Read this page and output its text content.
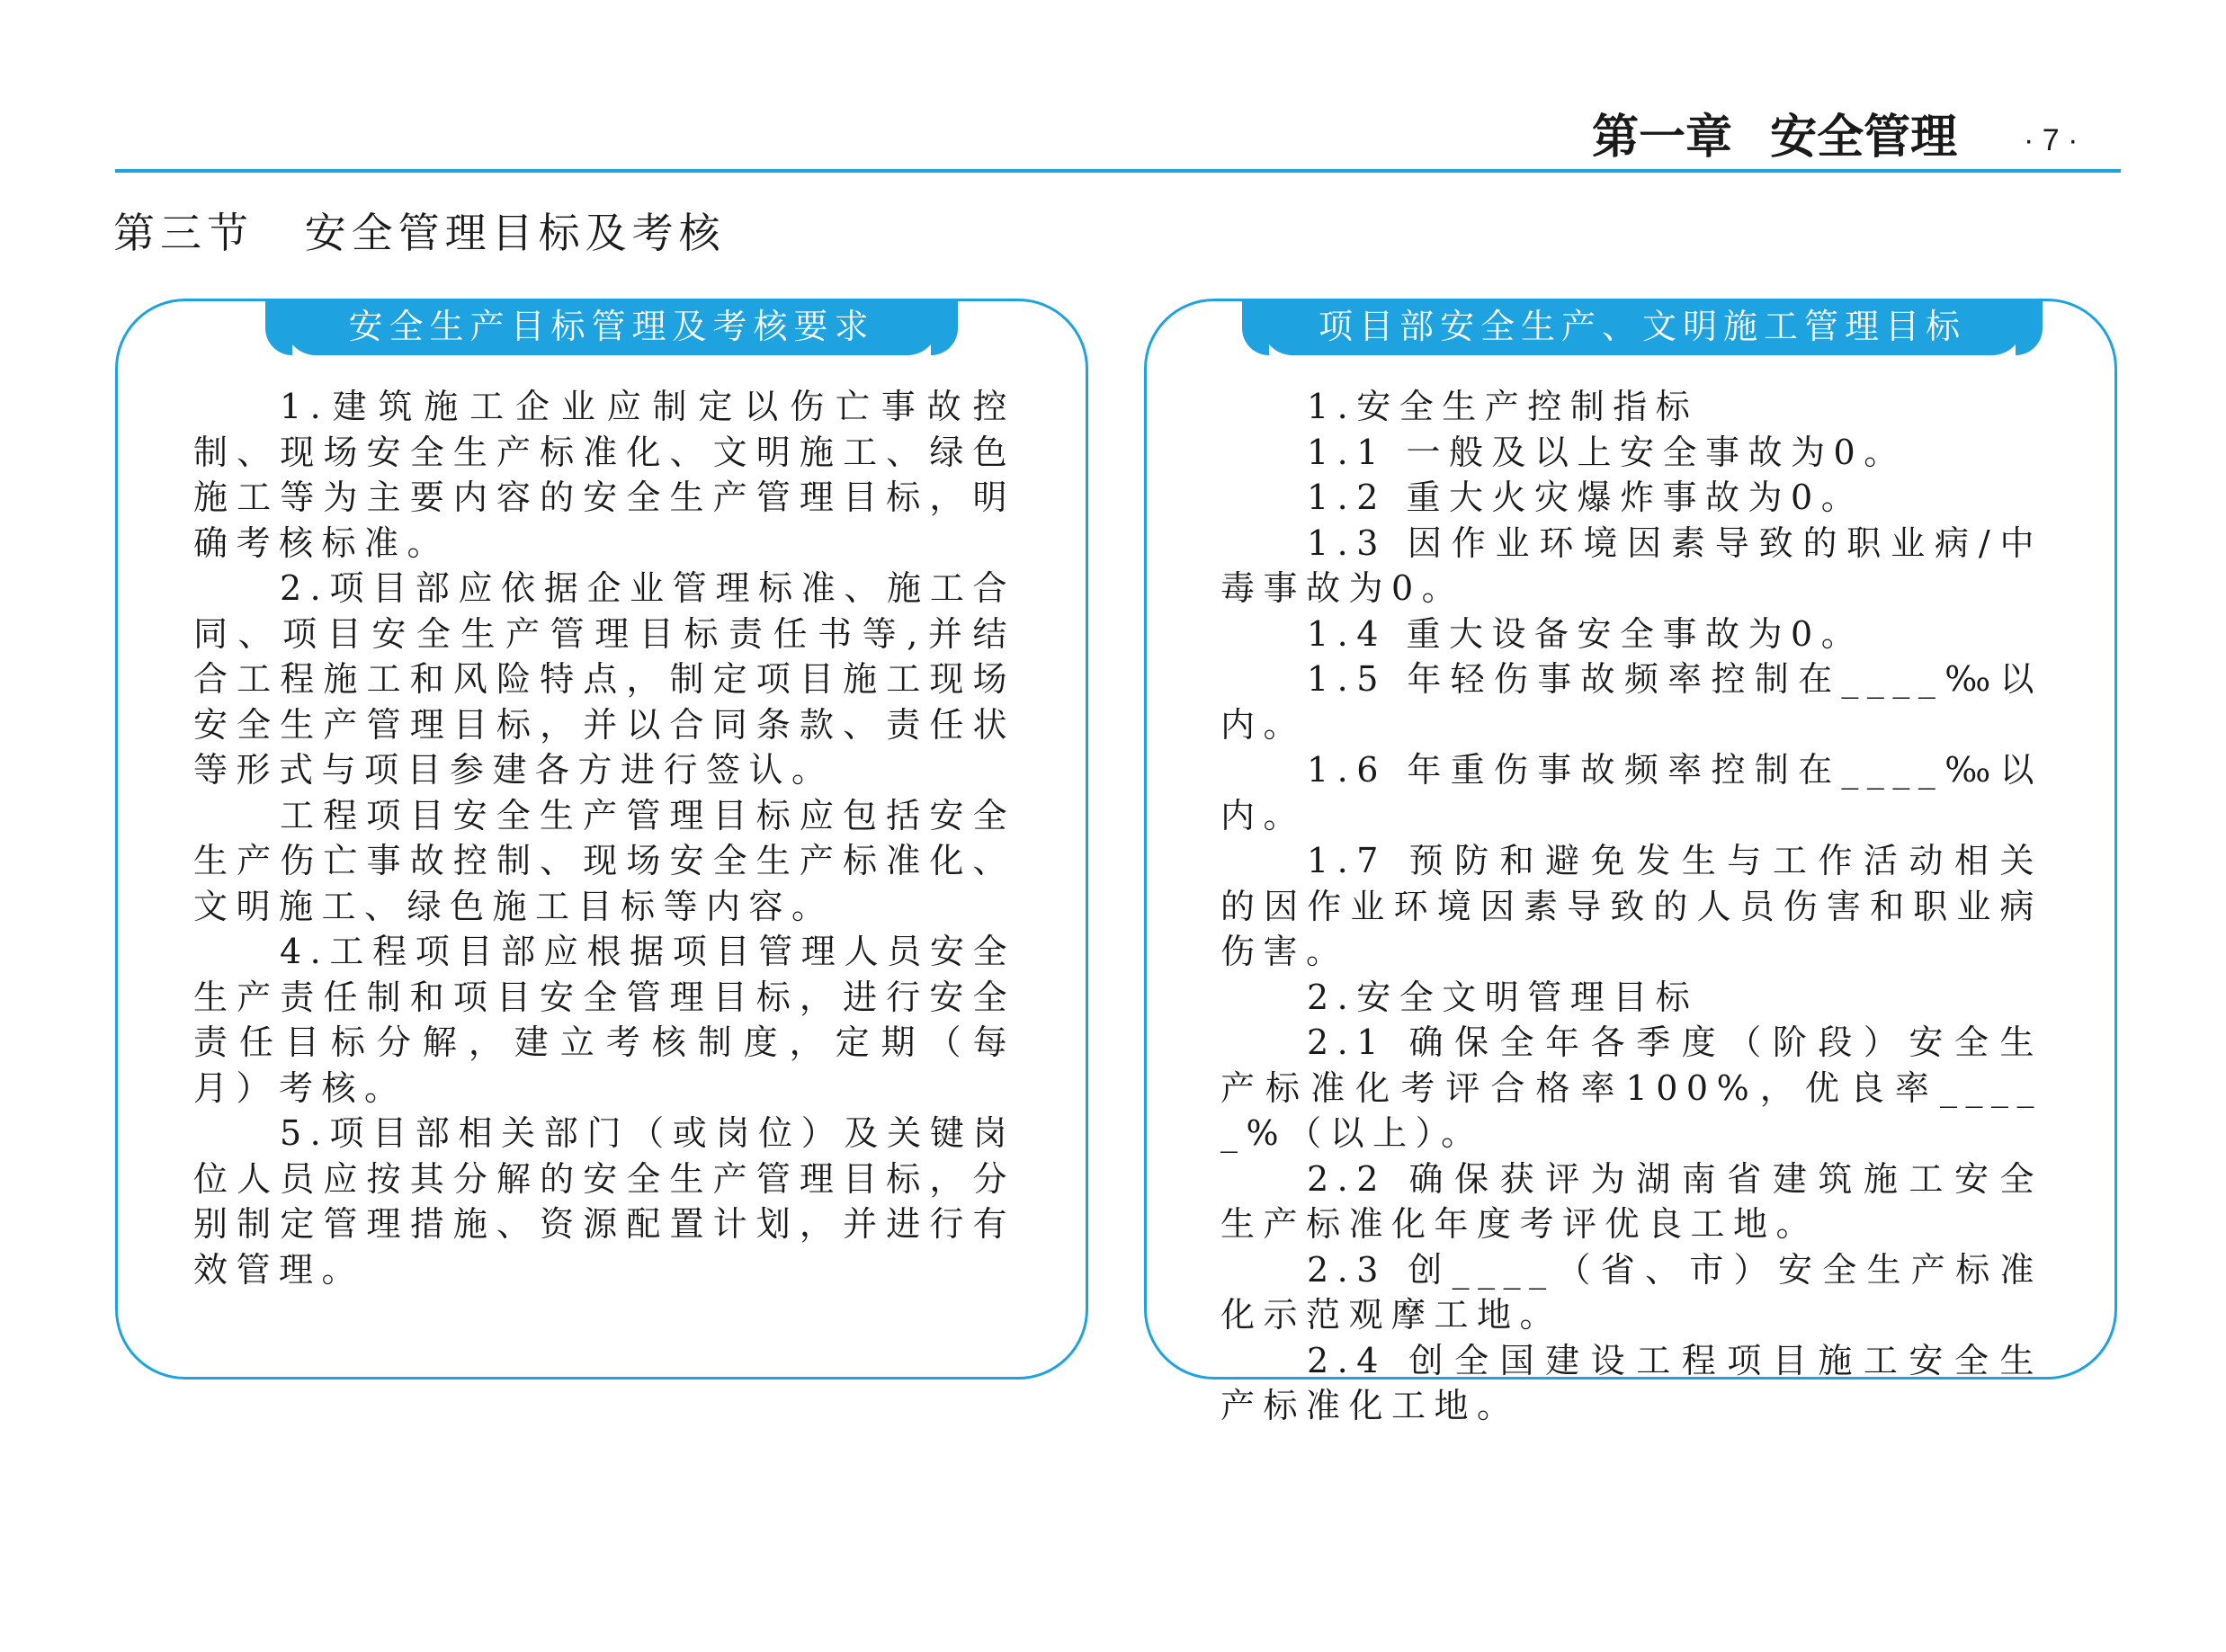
第一章 安全管理	· 7 ·
第三节 安全管理目标及考核
安全生产目标管理及考核要求

1.建筑施工企业应制定以伤亡事故控制、现场安全生产标准化、文明施工、绿色施工等为主要内容的安全生产管理目标，明确考核标准。

2.项目部应依据企业管理标准、施工合同、项目安全生产管理目标责任书等,并结合工程施工和风险特点，制定项目施工现场安全生产管理目标，并以合同条款、责任状等形式与项目参建各方进行签认。

工程项目安全生产管理目标应包括安全生产伤亡事故控制、现场安全生产标准化、文明施工、绿色施工目标等内容。

4.工程项目部应根据项目管理人员安全生产责任制和项目安全管理目标，进行安全责任目标分解，建立考核制度，定期（每月）考核。

5.项目部相关部门（或岗位）及关键岗位人员应按其分解的安全生产管理目标，分别制定管理措施、资源配置计划，并进行有效管理。

项目部安全生产、文明施工管理目标

1.安全生产控制指标

1.1 一般及以上安全事故为0。

1.2 重大火灾爆炸事故为0。

1.3 因作业环境因素导致的职业病/中毒事故为0。

1.4 重大设备安全事故为0。

1.5 年轻伤事故频率控制在____‰以内。

1.6 年重伤事故频率控制在____‰以内。

1.7 预防和避免发生与工作活动相关的因作业环境因素导致的人员伤害和职业病伤害。

2.安全文明管理目标

2.1 确保全年各季度（阶段）安全生产标准化考评合格率100%，优良率_____%（以上）。

2.2 确保获评为湖南省建筑施工安全生产标准化年度考评优良工地。

2.3 创____（省、市）安全生产标准化示范观摩工地。

2.4 创全国建设工程项目施工安全生产标准化工地。
